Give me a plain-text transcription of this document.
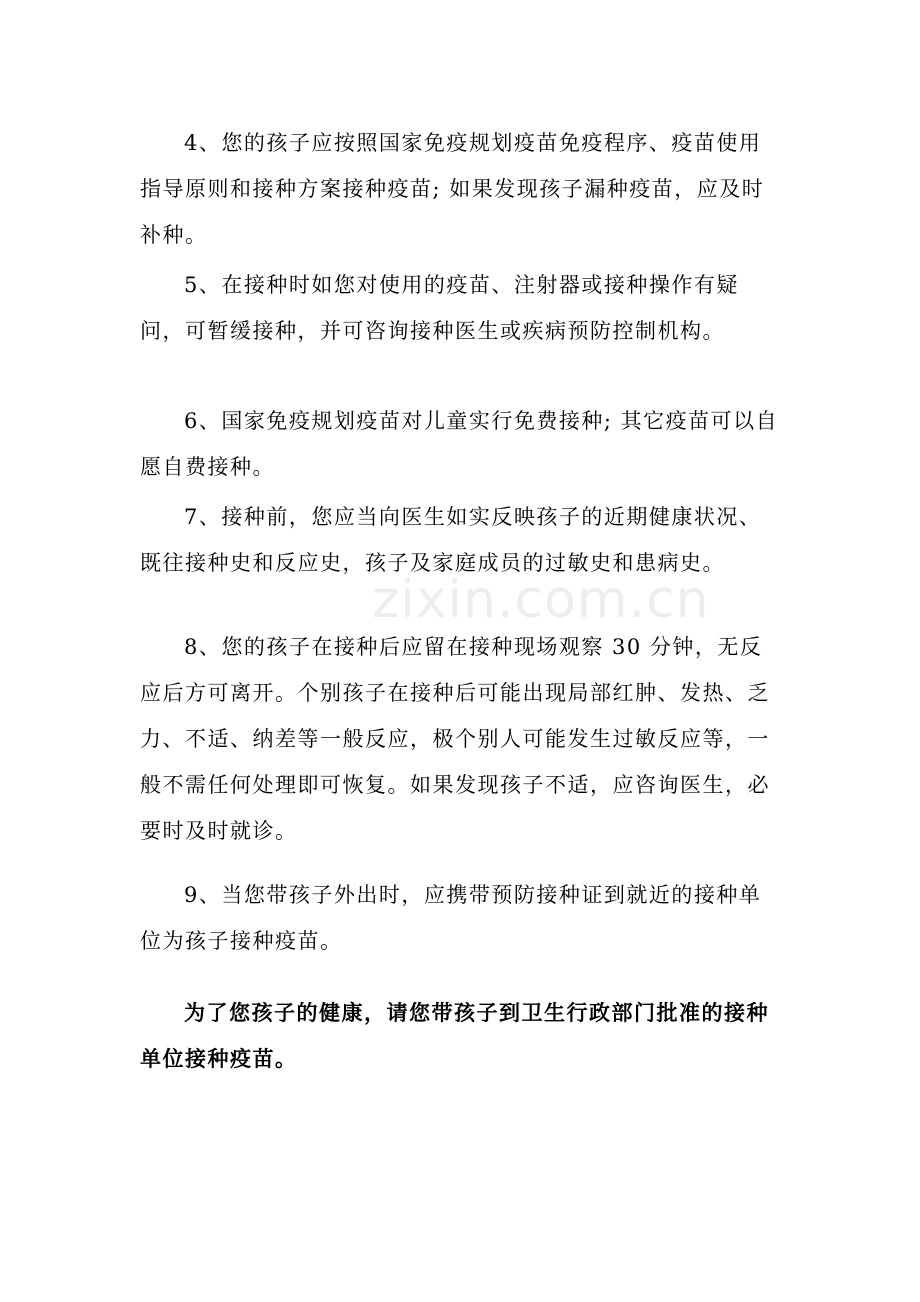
4、您的孩子应按照国家免疫规划疫苗免疫程序、疫苗使用指导原则和接种方案接种疫苗; 如果发现孩子漏种疫苗，应及时补种。

5、在接种时如您对使用的疫苗、注射器或接种操作有疑问，可暂缓接种，并可咨询接种医生或疾病预防控制机构。

6、国家免疫规划疫苗对儿童实行免费接种; 其它疫苗可以自愿自费接种。

7、接种前，您应当向医生如实反映孩子的近期健康状况、既往接种史和反应史，孩子及家庭成员的过敏史和患病史。

8、您的孩子在接种后应留在接种现场观察 30 分钟，无反应后方可离开。个别孩子在接种后可能出现局部红肿、发热、乏力、不适、纳差等一般反应，极个别人可能发生过敏反应等，一般不需任何处理即可恢复。如果发现孩子不适，应咨询医生，必要时及时就诊。

9、当您带孩子外出时，应携带预防接种证到就近的接种单位为孩子接种疫苗。

为了您孩子的健康，请您带孩子到卫生行政部门批准的接种单位接种疫苗。

zixin.com.cn
